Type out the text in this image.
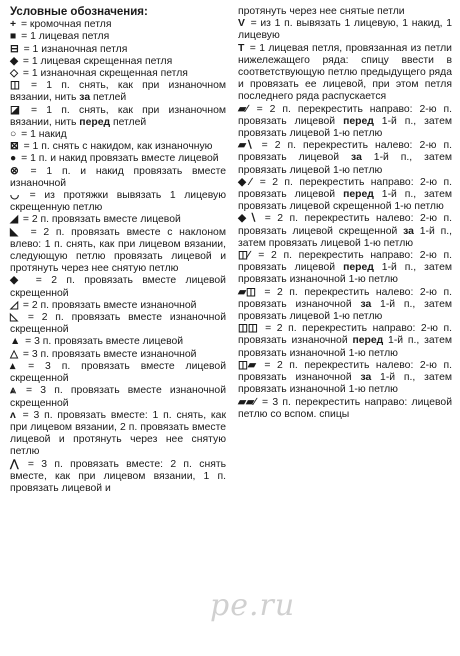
Условные обозначения:

+ = кромочная петля

■ = 1 лицевая петля

⊟ = 1 изнаночная петля

◆ = 1 лицевая скрещенная петля

◇ = 1 изнаночная скрещенная петля

◫ = 1 п. снять, как при изнаночном вязании, нить за петлей

◪ = 1 п. снять, как при изнаночном вязании, нить перед петлей

○ = 1 накид

⊠ = 1 п. снять с накидом, как изнаночную

● = 1 п. и накид провязать вместе лицевой

⊗ = 1 п. и накид провязать вместе изнаночной

◡ = из протяжки вывязать 1 лицевую скрещенную петлю

◢ = 2 п. провязать вместе лицевой

◣ = 2 п. провязать вместе с наклоном влево: 1 п. снять, как при лицевом вязании, следующую петлю провязать лицевой и протянуть через нее снятую петлю

◆ = 2 п. провязать вместе лицевой скрещенной

◿ = 2 п. провязать вместе изнаночной

◺ = 2 п. провязать вместе изнаночной скрещенной

▲ = 3 п. провязать вместе лицевой

△ = 3 п. провязать вместе изнаночной

▴ = 3 п. провязать вместе лицевой скрещенной

⩓ = 3 п. провязать вместе изнаночной скрещенной

ʌ = 3 п. провязать вместе: 1 п. снять, как при лицевом вязании, 2 п. провязать вместе лицевой и протянуть через нее снятую петлю

⋀ = 3 п. провязать вместе: 2 п. снять вместе, как при лицевом вязании, 1 п. провязать лицевой и

протянуть через нее снятые петли

V = из 1 п. вывязать 1 лицевую, 1 накид, 1 лицевую

T = 1 лицевая петля, провязанная из петли нижележащего ряда: спицу ввести в соответствующую петлю предыдущего ряда и провязать ее лицевой, при этом петля последнего ряда распускается

▰∕ = 2 п. перекрестить направо: 2-ю п. провязать лицевой перед 1-й п., затем провязать лицевой 1-ю петлю

▰∖ = 2 п. перекрестить налево: 2-ю п. провязать лицевой за 1-й п., затем провязать лицевой 1-ю петлю

◆∕ = 2 п. перекрестить направо: 2-ю п. провязать лицевой перед 1-й п., затем провязать лицевой скрещенной 1-ю петлю

◆∖ = 2 п. перекрестить налево: 2-ю п. провязать лицевой скрещенной за 1-й п., затем провязать лицевой 1-ю петлю

◫∕ = 2 п. перекрестить направо: 2-ю п. провязать лицевой перед 1-й п., затем провязать изнаночной 1-ю петлю

▰◫ = 2 п. перекрестить налево: 2-ю п. провязать изнаночной за 1-й п., затем провязать лицевой 1-ю петлю

◫◫ = 2 п. перекрестить направо: 2-ю п. провязать изнаночной перед 1-й п., затем провязать изнаночной 1-ю петлю

◫▰ = 2 п. перекрестить налево: 2-ю п. провязать изнаночной за 1-й п., затем провязать изнаночной 1-ю петлю

▰▰∕ = 3 п. перекрестить направо: лицевой петлю со вспом. спицы

ре.ru
